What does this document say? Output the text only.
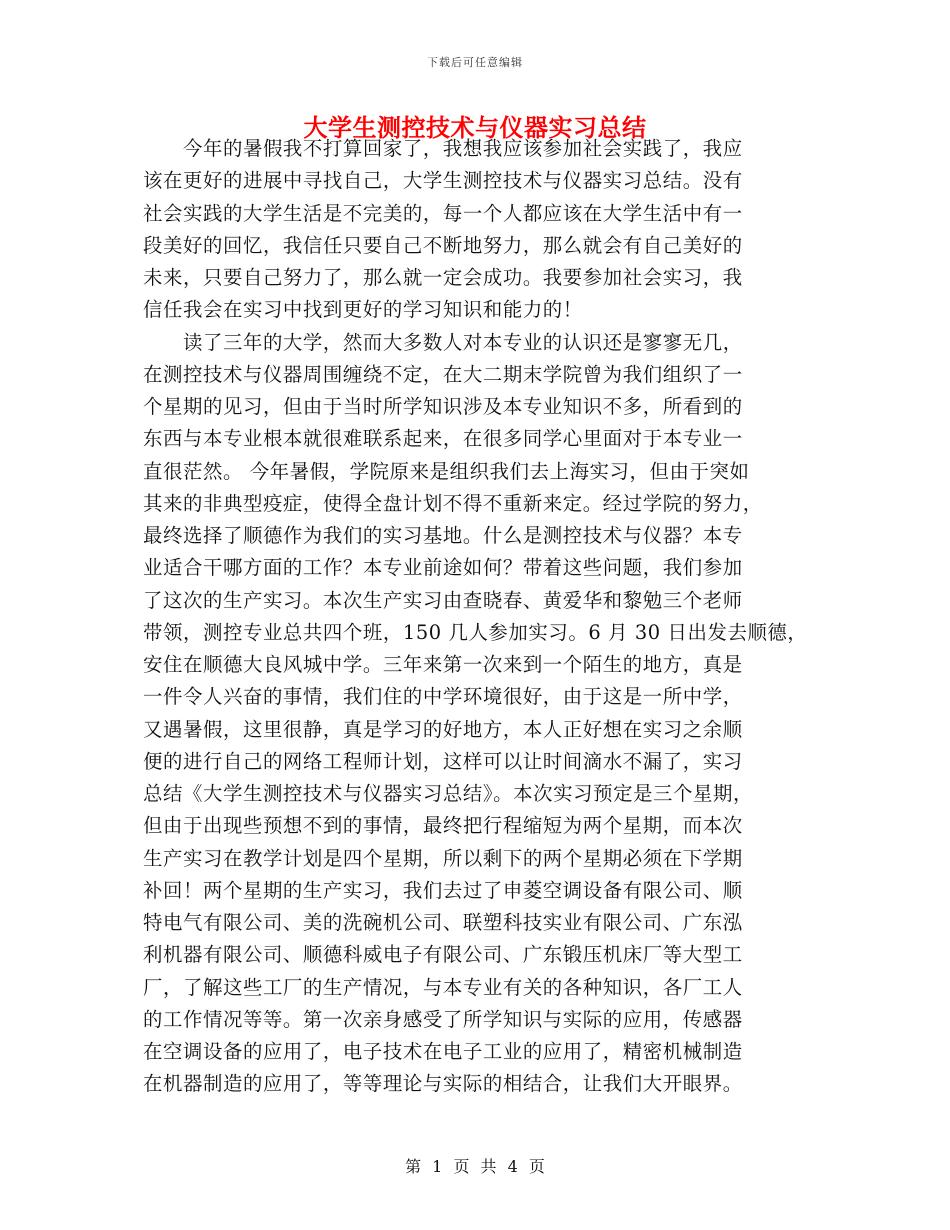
下载后可任意编辑
大学生测控技术与仪器实习总结
　　今年的暑假我不打算回家了，我想我应该参加社会实践了，我应
该在更好的进展中寻找自己，大学生测控技术与仪器实习总结。没有
社会实践的大学生活是不完美的，每一个人都应该在大学生活中有一
段美好的回忆，我信任只要自己不断地努力，那么就会有自己美好的
未来，只要自己努力了，那么就一定会成功。我要参加社会实习，我
信任我会在实习中找到更好的学习知识和能力的！
　　读了三年的大学，然而大多数人对本专业的认识还是寥寥无几，
在测控技术与仪器周围缠绕不定，在大二期末学院曾为我们组织了一
个星期的见习，但由于当时所学知识涉及本专业知识不多，所看到的
东西与本专业根本就很难联系起来，在很多同学心里面对于本专业一
直很茫然。 今年暑假，学院原来是组织我们去上海实习，但由于突如
其来的非典型疫症，使得全盘计划不得不重新来定。经过学院的努力，
最终选择了顺德作为我们的实习基地。什么是测控技术与仪器？本专
业适合干哪方面的工作？本专业前途如何？带着这些问题，我们参加
了这次的生产实习。本次生产实习由查晓春、黄爱华和黎勉三个老师
带领，测控专业总共四个班，150 几人参加实习。6 月 30 日出发去顺德，
安住在顺德大良风城中学。三年来第一次来到一个陌生的地方，真是
一件令人兴奋的事情，我们住的中学环境很好，由于这是一所中学，
又遇暑假，这里很静，真是学习的好地方，本人正好想在实习之余顺
便的进行自己的网络工程师计划，这样可以让时间滴水不漏了，实习
总结《大学生测控技术与仪器实习总结》。本次实习预定是三个星期，
但由于出现些预想不到的事情，最终把行程缩短为两个星期，而本次
生产实习在教学计划是四个星期，所以剩下的两个星期必须在下学期
补回！两个星期的生产实习，我们去过了申菱空调设备有限公司、顺
特电气有限公司、美的洗碗机公司、联塑科技实业有限公司、广东泓
利机器有限公司、顺德科威电子有限公司、广东锻压机床厂等大型工
厂，了解这些工厂的生产情况，与本专业有关的各种知识，各厂工人
的工作情况等等。第一次亲身感受了所学知识与实际的应用，传感器
在空调设备的应用了，电子技术在电子工业的应用了，精密机械制造
在机器制造的应用了，等等理论与实际的相结合，让我们大开眼界。
第 1 页 共 4 页
